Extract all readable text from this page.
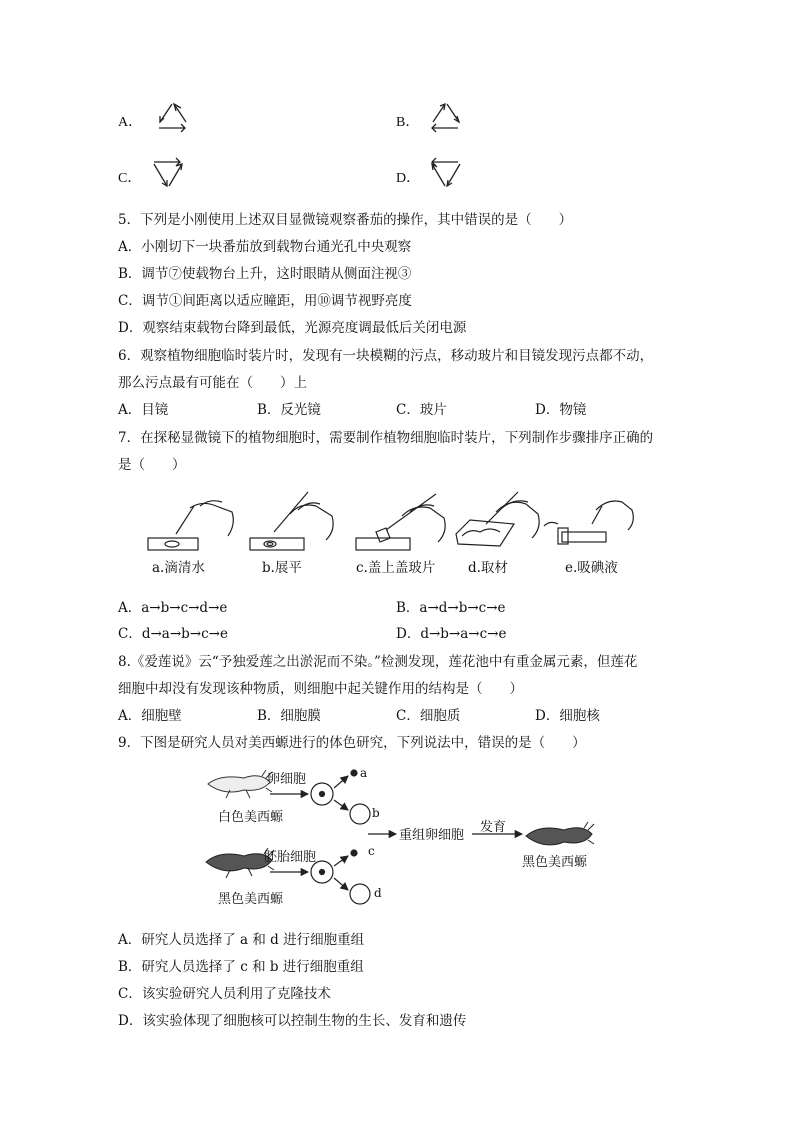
A．	B．
C．	D．
5．下列是小刚使用上述双目显微镜观察番茄的操作，其中错误的是（　　）
A．小刚切下一块番茄放到载物台通光孔中央观察
B．调节⑦使载物台上升，这时眼睛从侧面注视③
C．调节①间距离以适应瞳距，用⑩调节视野亮度
D．观察结束载物台降到最低，光源亮度调最低后关闭电源
6．观察植物细胞临时装片时，发现有一块模糊的污点，移动玻片和目镜发现污点都不动，
那么污点最有可能在（　　）上
A．目镜	B．反光镜	C．玻片	D．物镜
7．在探秘显微镜下的植物细胞时，需要制作植物细胞临时装片，下列制作步骤排序正确的
是（　　）
a.滴清水	b.展平	c.盖上盖玻片 d.取材	e.吸碘液
A．a→b→c→d→e	B．a→d→b→c→e
C．d→a→b→c→e	D．d→b→a→c→e
8.《爱莲说》云“予独爱莲之出淤泥而不染。”检测发现，莲花池中有重金属元素，但莲花
细胞中却没有发现该种物质，则细胞中起关键作用的结构是（　　）
A．细胞壁	B．细胞膜	C．细胞质	D．细胞核
9．下图是研究人员对美西螈进行的体色研究，下列说法中，错误的是（　　）
卵细胞	a
b
白色美西螈
重组卵细胞
发育
黑色美西螈
胚胎细胞	c
d
黑色美西螈
A．研究人员选择了 a 和 d 进行细胞重组
B．研究人员选择了 c 和 b 进行细胞重组
C．该实验研究人员利用了克隆技术
D．该实验体现了细胞核可以控制生物的生长、发育和遗传
